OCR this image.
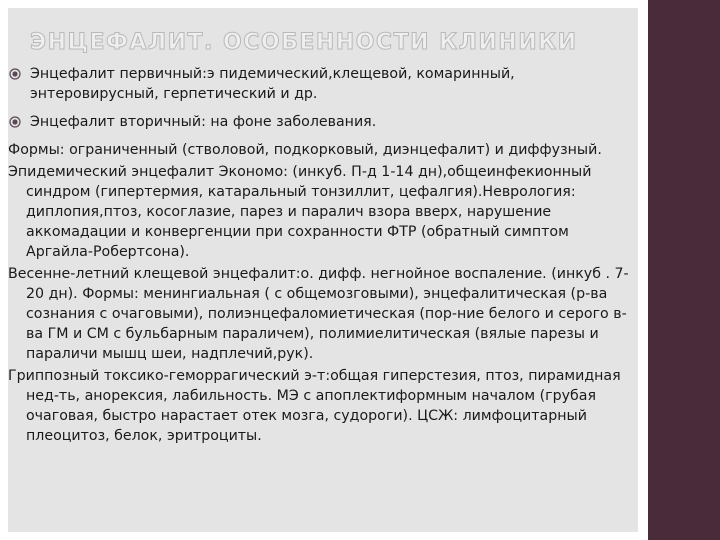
ЭНЦЕФАЛИТ. ОСОБЕННОСТИ КЛИНИКИ
Энцефалит первичный:э пидемический,клещевой, комаринный, энтеровирусный, герпетический и др.
Энцефалит вторичный: на фоне заболевания.
Формы: ограниченный (стволовой, подкорковый, диэнцефалит) и диффузный.
Эпидемический энцефалит Экономо: (инкуб. П-д 1-14 дн),общеинфекионный синдром (гипертермия, катаральный тонзиллит, цефалгия).Неврология: диплопия,птоз, косоглазие, парез и паралич взора вверх, нарушение аккомадации и конвергенции при сохранности ФТР (обратный симптом Аргайла-Робертсона).
Весенне-летний клещевой энцефалит:о. дифф. негнойное воспаление. (инкуб . 7-20 дн). Формы: менингиальная ( с общемозговыми), энцефалитическая (р-ва сознания с очаговыми), полиэнцефаломиетическая (пор-ние белого и серого в-ва ГМ и СМ с бульбарным параличем), полимиелитическая (вялые парезы и параличи мышц шеи, надплечий,рук).
Гриппозный токсико-геморрагический э-т:общая гиперстезия, птоз, пирамидная нед-ть, анорексия, лабильность. МЭ с апоплектиформным началом (грубая очаговая, быстро нарастает отек мозга, судороги). ЦСЖ: лимфоцитарный плеоцитоз, белок, эритроциты.
